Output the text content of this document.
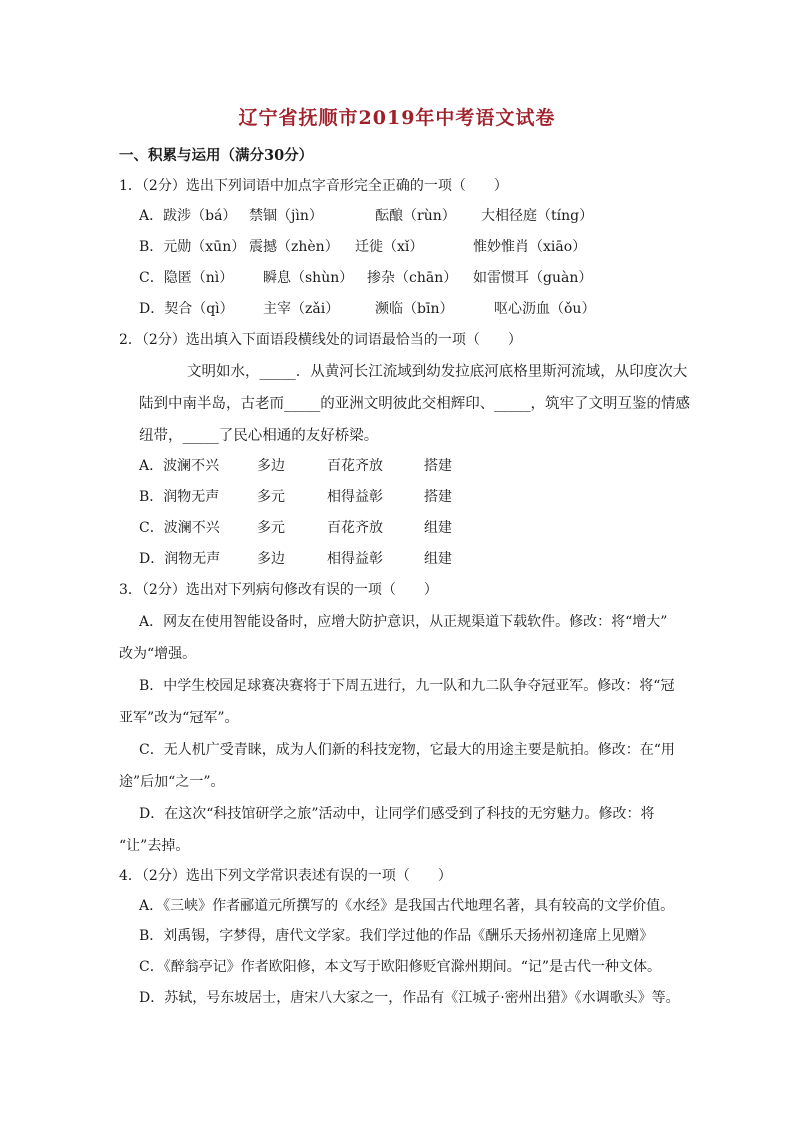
辽宁省抚顺市2019年中考语文试卷
一、积累与运用（满分30分）
1．（2分）选出下列词语中加点字音形完全正确的一项（　　）
A．跋涉（bá） 禁锢（jìn）	酝酿（rùn） 大相径庭（tíng）
B．元勋（xūn） 震撼（zhèn） 迁徙（xǐ）	惟妙惟肖（xiāo）
C．隐匿（nì） 瞬息（shùn） 掺杂（chān） 如雷惯耳（guàn）
D．契合（qì） 主宰（zǎi）	濒临（bīn）	呕心沥血（ǒu）
2．（2分）选出填入下面语段横线处的词语最恰当的一项（　　）
文明如水，_____．从黄河长江流域到幼发拉底河底格里斯河流域，从印度次大
陆到中南半岛，古老而_____的亚洲文明彼此交相辉印、_____，筑牢了文明互鉴的情感
纽带，_____了民心相通的友好桥梁。
A．波澜不兴	多边	百花齐放	搭建
B．润物无声	多元	相得益彰	搭建
C．波澜不兴	多元	百花齐放	组建
D．润物无声	多边	相得益彰	组建
3．（2分）选出对下列病句修改有误的一项（　　）
A．网友在使用智能设备时，应增大防护意识，从正规渠道下载软件。修改：将“增大”
改为“增强。
B．中学生校园足球赛决赛将于下周五进行，九一队和九二队争夺冠亚军。修改：将“冠
亚军”改为“冠军”。
C．无人机广受青睐，成为人们新的科技宠物，它最大的用途主要是航拍。修改：在“用
途”后加“之一”。
D．在这次“科技馆研学之旅”活动中，让同学们感受到了科技的无穷魅力。修改：将
“让”去掉。
4．（2分）选出下列文学常识表述有误的一项（　　）
A．《三峡》作者郦道元所撰写的《水经》是我国古代地理名著，具有较高的文学价值。
B．刘禹锡，字梦得，唐代文学家。我们学过他的作品《酬乐天扬州初逢席上见赠》
C．《醉翁亭记》作者欧阳修，本文写于欧阳修贬官滁州期间。“记”是古代一种文体。
D．苏轼，号东坡居士，唐宋八大家之一，作品有《江城子·密州出猎》《水调歌头》等。
